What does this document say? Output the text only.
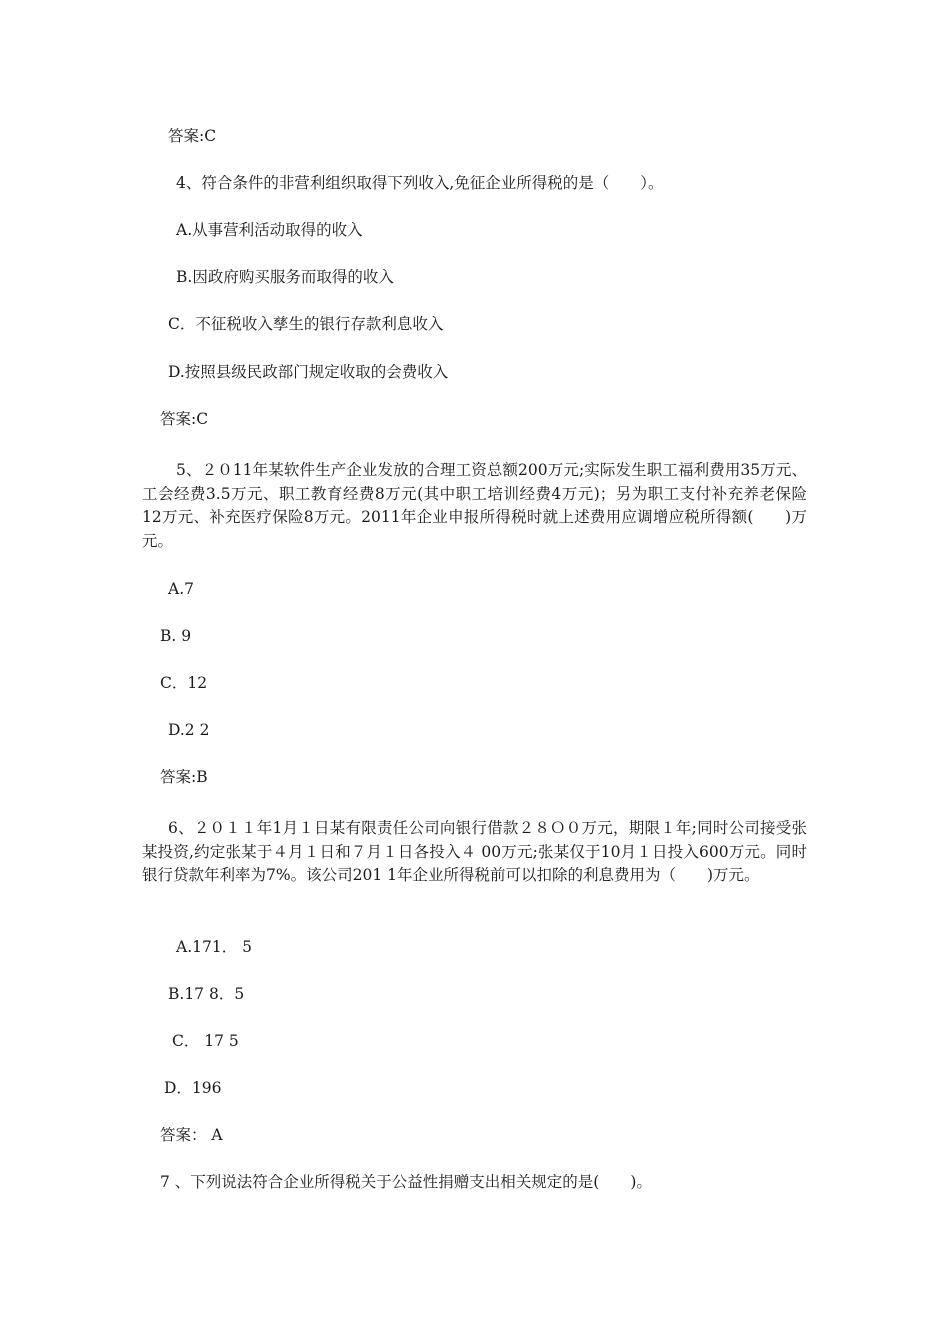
答案:C
4、符合条件的非营利组织取得下列收入,免征企业所得税的是（　　）。
A.从事营利活动取得的收入
B.因政府购买服务而取得的收入
C．不征税收入孳生的银行存款利息收入
D.按照县级民政部门规定收取的会费收入
答案:C
5、２０11年某软件生产企业发放的合理工资总额200万元;实际发生职工福利费用35万元、工会经费3.5万元、职工教育经费8万元(其中职工培训经费4万元)；另为职工支付补充养老保险12万元、补充医疗保险8万元。2011年企业申报所得税时就上述费用应调增应税所得额(　　)万元。
A.7
B. 9
C．12
D.2 2
答案:B
6、２０１１年1月１日某有限责任公司向银行借款２８Ｏ０万元，期限１年;同时公司接受张某投资,约定张某于４月１日和７月１日各投入４ 00万元;张某仅于10月１日投入600万元。同时银行贷款年利率为7%。该公司201 1年企业所得税前可以扣除的利息费用为（　　)万元。
A.171． 5
B.17 8．5
C． 17 5
D．196
答案： A
7 、下列说法符合企业所得税关于公益性捐赠支出相关规定的是(　　)。
